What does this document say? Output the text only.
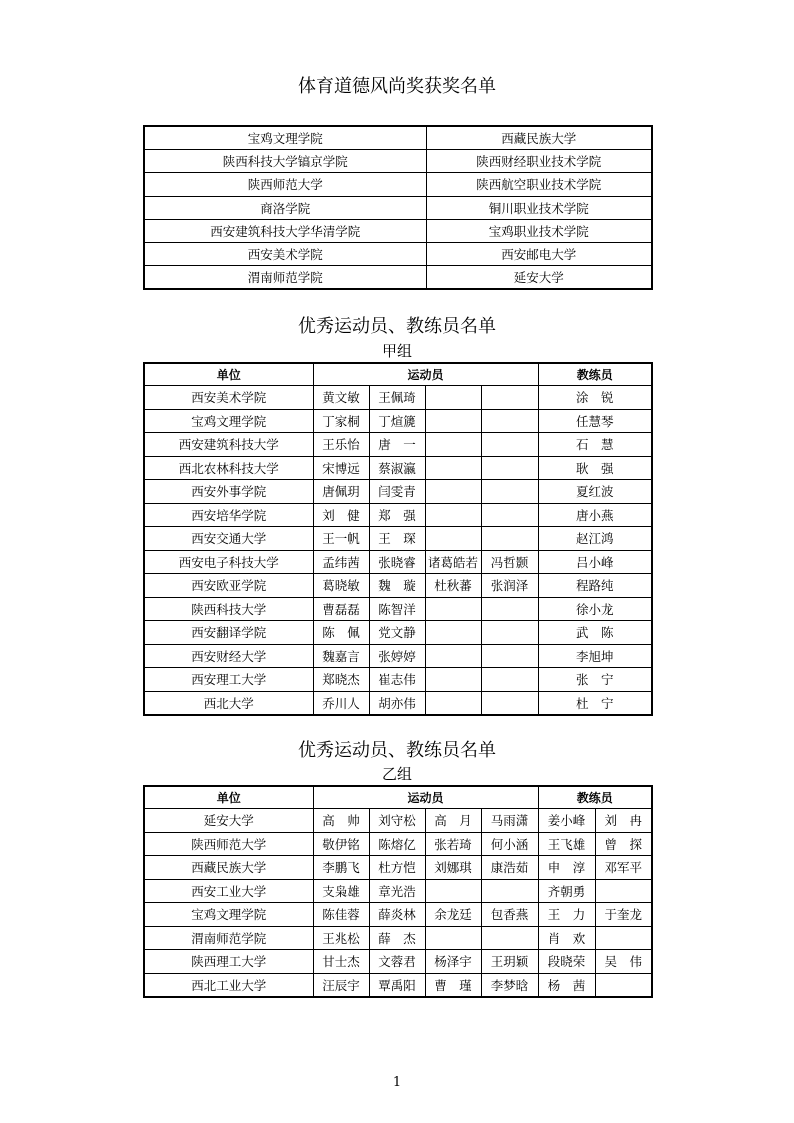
体育道德风尚奖获奖名单
宝鸡文理学院	西藏民族大学
陕西科技大学镐京学院	陕西财经职业技术学院
陕西师范大学	陕西航空职业技术学院
商洛学院	铜川职业技术学院
西安建筑科技大学华清学院	宝鸡职业技术学院
西安美术学院	西安邮电大学
渭南师范学院	延安大学
优秀运动员、教练员名单
甲组
单位	运动员				教练员
西安美术学院	黄文敏	王佩琦			涂　锐
宝鸡文理学院	丁家桐	丁煊篪			任慧琴
西安建筑科技大学	王乐怡	唐　一			石　慧
西北农林科技大学	宋博远	蔡淑瀛			耿　强
西安外事学院	唐佩玥	闫雯青			夏红波
西安培华学院	刘　健	郑　强			唐小燕
西安交通大学	王一帆	王　琛			赵江鸿
西安电子科技大学	孟纬茜	张晓睿	诸葛皓若	冯哲颢	吕小峰
西安欧亚学院	葛晓敏	魏　璇	杜秋蕃	张润泽	程路纯
陕西科技大学	曹磊磊	陈智洋			徐小龙
西安翻译学院	陈　佩	党文静			武　陈
西安财经大学	魏嘉言	张婷婷			李旭坤
西安理工大学	郑晓杰	崔志伟			张　宁
西北大学	乔川人	胡亦伟			杜　宁
优秀运动员、教练员名单
乙组
单位	运动员				教练员	
延安大学	高　帅	刘守松	高　月	马雨潇	姜小峰	刘　冉
陕西师范大学	敬伊铭	陈熔亿	张若琦	何小涵	王飞雄	曾　探
西藏民族大学	李鹏飞	杜方恺	刘娜琪	康浩茹	申　淳	邓军平
西安工业大学	支枭雄	章光浩			齐朝勇	
宝鸡文理学院	陈佳蓉	薛炎林	余龙廷	包香燕	王　力	于奎龙
渭南师范学院	王兆松	薛　杰			肖　欢	
陕西理工大学	甘士杰	文蓉君	杨泽宇	王玥颖	段晓荣	吴　伟
西北工业大学	汪辰宇	覃禹阳	曹　瑾	李梦晗	杨　茜	
1
